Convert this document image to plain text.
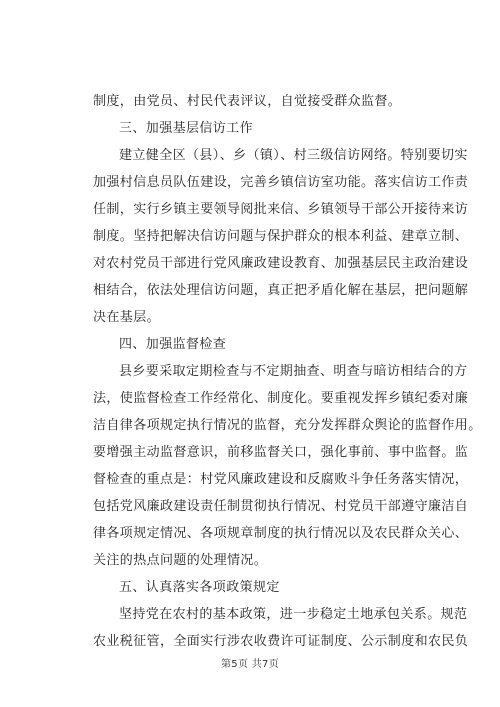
制度，由党员、村民代表评议，自觉接受群众监督。
三、加强基层信访工作
建立健全区（县）、乡（镇）、村三级信访网络。特别要切实
加强村信息员队伍建设，完善乡镇信访室功能。落实信访工作责
任制，实行乡镇主要领导阅批来信、乡镇领导干部公开接待来访
制度。坚持把解决信访问题与保护群众的根本利益、建章立制、
对农村党员干部进行党风廉政建设教育、加强基层民主政治建设
相结合，依法处理信访问题，真正把矛盾化解在基层，把问题解
决在基层。
四、加强监督检查
县乡要采取定期检查与不定期抽查、明查与暗访相结合的方
法，使监督检查工作经常化、制度化。要重视发挥乡镇纪委对廉
洁自律各项规定执行情况的监督，充分发挥群众舆论的监督作用。
要增强主动监督意识，前移监督关口，强化事前、事中监督。监
督检查的重点是：村党风廉政建设和反腐败斗争任务落实情况，
包括党风廉政建设责任制贯彻执行情况、村党员干部遵守廉洁自
律各项规定情况、各项规章制度的执行情况以及农民群众关心、
关注的热点问题的处理情况。
五、认真落实各项政策规定
坚持党在农村的基本政策，进一步稳定土地承包关系。规范
农业税征管，全面实行涉农收费许可证制度、公示制度和农民负
第5页 共7页
